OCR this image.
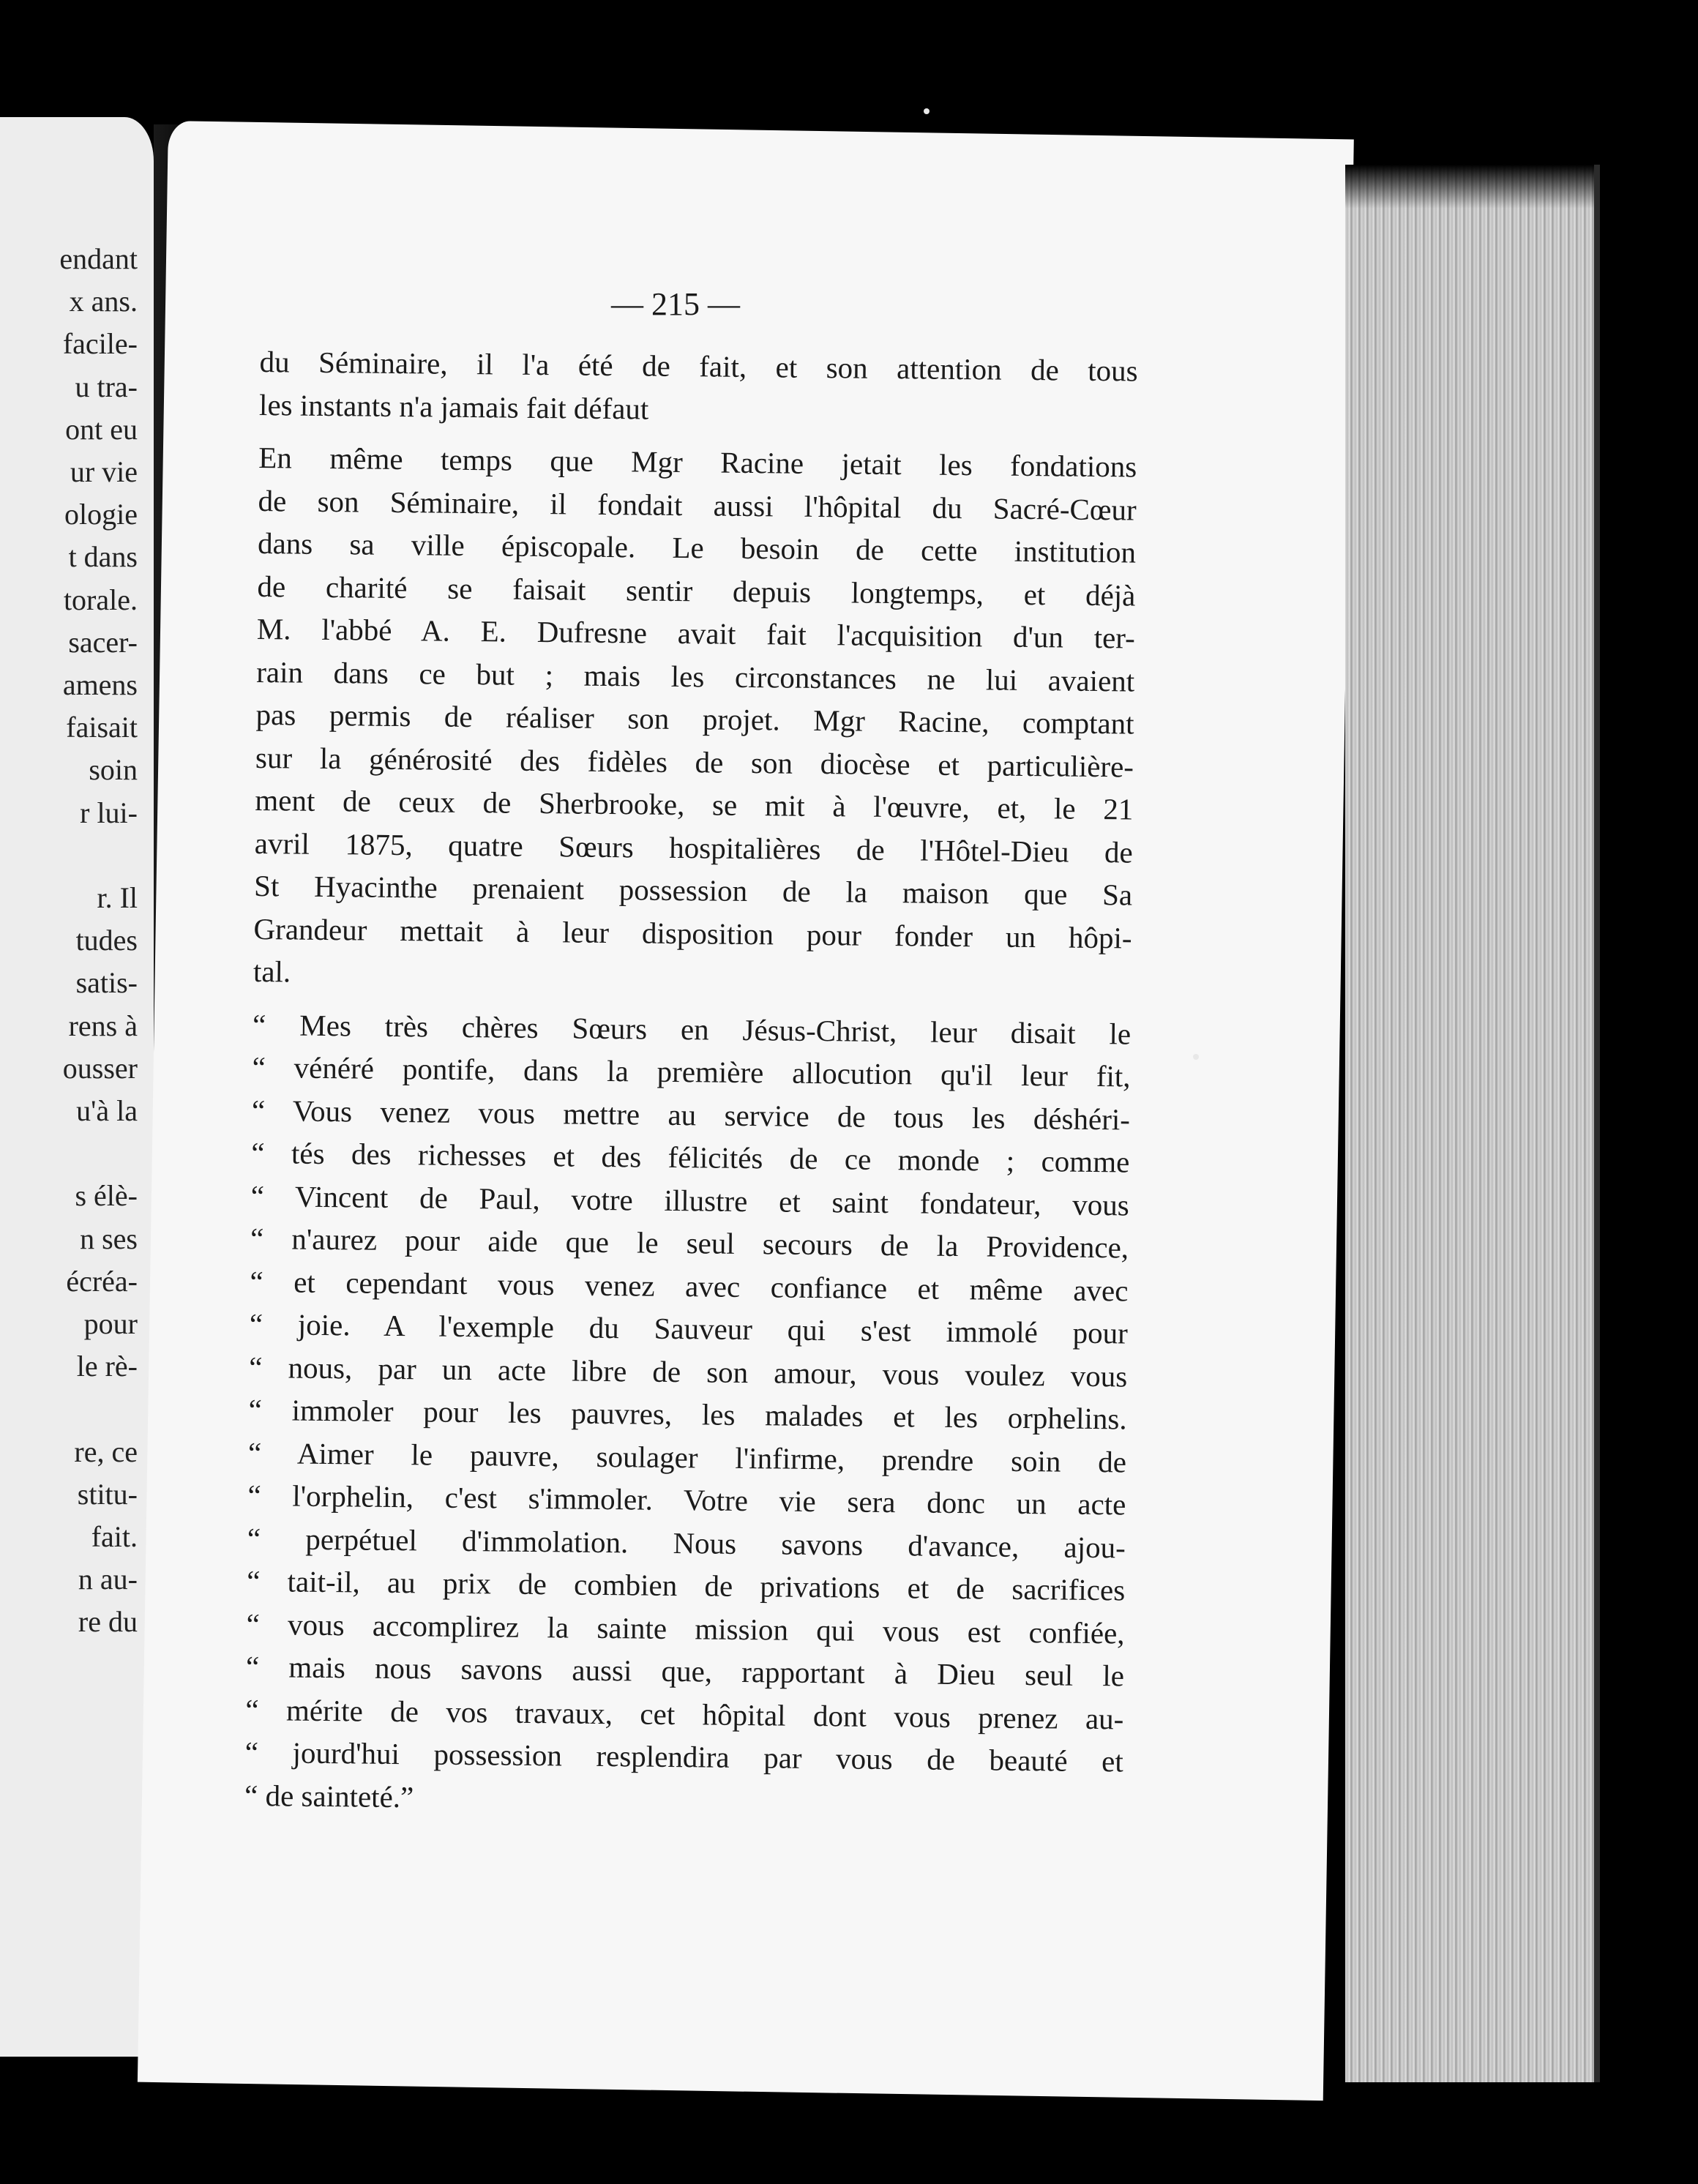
endant
x ans.
facile-
u tra-
ont eu
ur vie
ologie
t dans
torale.
sacer-
amens
faisait
soin
r lui-
r. Il
tudes
satis-
rens à
ousser
u'à la
s élè-
n ses
écréa-
pour
le rè-
re, ce
stitu-
fait.
n au-
re du
— 215 —
du Séminaire, il l'a été de fait, et son attention de tous
les instants n'a jamais fait défaut
En même temps que Mgr Racine jetait les fondations
de son Séminaire, il fondait aussi l'hôpital du Sacré-Cœur
dans sa ville épiscopale. Le besoin de cette institution
de charité se faisait sentir depuis longtemps, et déjà
M. l'abbé A. E. Dufresne avait fait l'acquisition d'un ter-
rain dans ce but ; mais les circonstances ne lui avaient
pas permis de réaliser son projet. Mgr Racine, comptant
sur la générosité des fidèles de son diocèse et particulière-
ment de ceux de Sherbrooke, se mit à l'œuvre, et, le 21
avril 1875, quatre Sœurs hospitalières de l'Hôtel-Dieu de
St Hyacinthe prenaient possession de la maison que Sa
Grandeur mettait à leur disposition pour fonder un hôpi-
tal.
“ Mes très chères Sœurs en Jésus-Christ, leur disait le
“ vénéré pontife, dans la première allocution qu'il leur fit,
“ Vous venez vous mettre au service de tous les déshéri-
“ tés des richesses et des félicités de ce monde ; comme
“ Vincent de Paul, votre illustre et saint fondateur, vous
“ n'aurez pour aide que le seul secours de la Providence,
“ et cependant vous venez avec confiance et même avec
“ joie. A l'exemple du Sauveur qui s'est immolé pour
“ nous, par un acte libre de son amour, vous voulez vous
“ immoler pour les pauvres, les malades et les orphelins.
“ Aimer le pauvre, soulager l'infirme, prendre soin de
“ l'orphelin, c'est s'immoler. Votre vie sera donc un acte
“ perpétuel d'immolation. Nous savons d'avance, ajou-
“ tait-il, au prix de combien de privations et de sacrifices
“ vous accomplirez la sainte mission qui vous est confiée,
“ mais nous savons aussi que, rapportant à Dieu seul le
“ mérite de vos travaux, cet hôpital dont vous prenez au-
“ jourd'hui possession resplendira par vous de beauté et
“ de sainteté.”
